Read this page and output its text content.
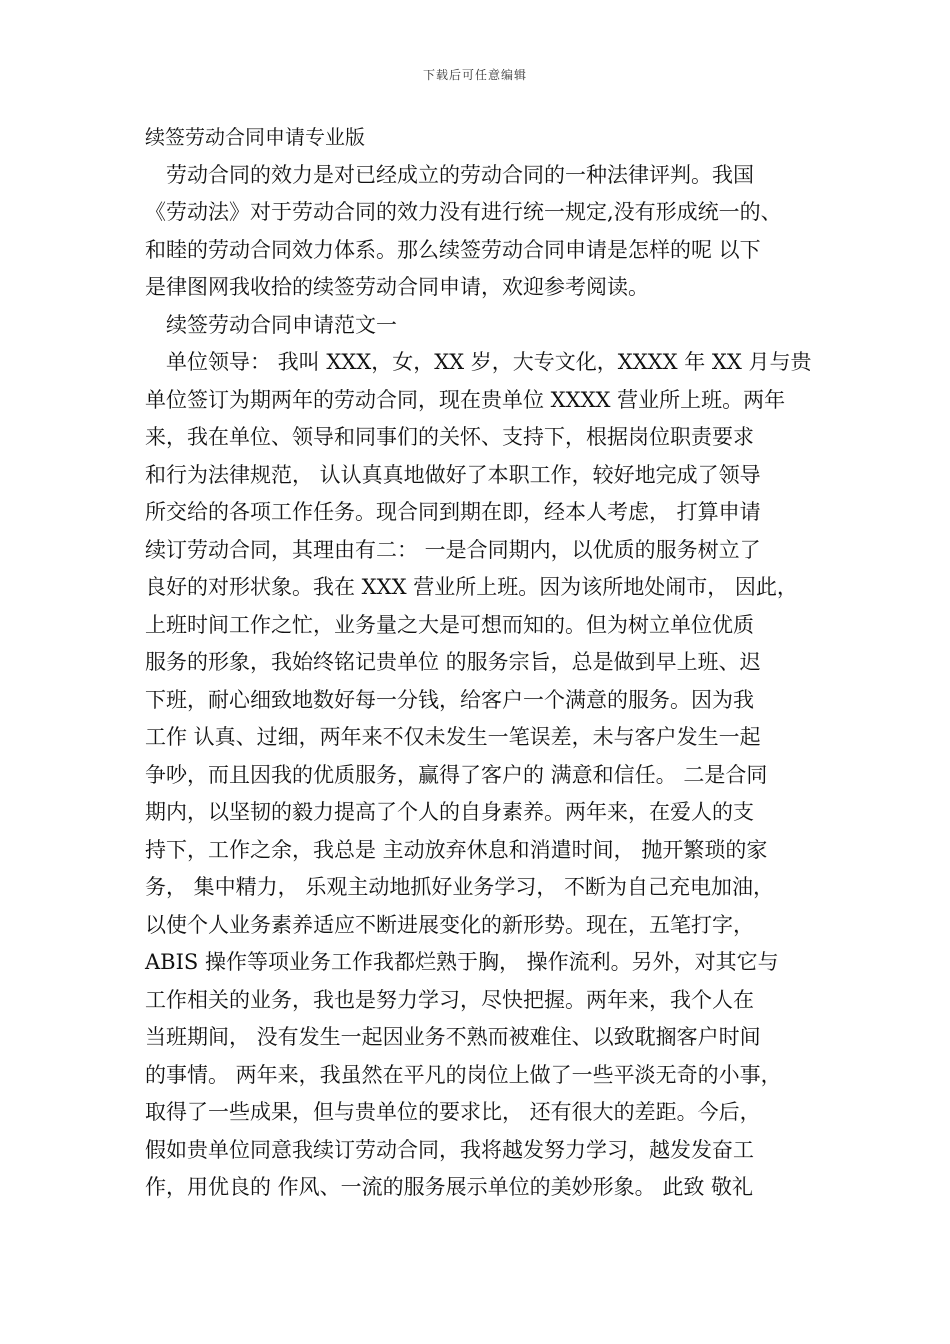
下载后可任意编辑
续签劳动合同申请专业版
劳动合同的效力是对已经成立的劳动合同的一种法律评判。我国
《劳动法》对于劳动合同的效力没有进行统一规定,没有形成统一的、
和睦的劳动合同效力体系。那么续签劳动合同申请是怎样的呢 以下
是律图网我收拾的续签劳动合同申请，欢迎参考阅读。
续签劳动合同申请范文一
单位领导： 我叫 XXX，女，XX 岁，大专文化，XXXX 年 XX 月与贵
单位签订为期两年的劳动合同，现在贵单位 XXXX 营业所上班。两年
来，我在单位、领导和同事们的关怀、支持下，根据岗位职责要求
和行为法律规范， 认认真真地做好了本职工作，较好地完成了领导
所交给的各项工作任务。现合同到期在即，经本人考虑， 打算申请
续订劳动合同，其理由有二： 一是合同期内，以优质的服务树立了
良好的对形状象。我在 XXX 营业所上班。因为该所地处闹市， 因此，
上班时间工作之忙，业务量之大是可想而知的。但为树立单位优质
服务的形象，我始终铭记贵单位 的服务宗旨，总是做到早上班、迟
下班，耐心细致地数好每一分钱，给客户一个满意的服务。因为我
工作 认真、过细，两年来不仅未发生一笔误差，未与客户发生一起
争吵，而且因我的优质服务，赢得了客户的 满意和信任。 二是合同
期内，以坚韧的毅力提高了个人的自身素养。两年来，在爱人的支
持下，工作之余，我总是 主动放弃休息和消遣时间， 抛开繁琐的家
务， 集中精力， 乐观主动地抓好业务学习， 不断为自己充电加油，
以使个人业务素养适应不断进展变化的新形势。现在，五笔打字，
ABIS 操作等项业务工作我都烂熟于胸， 操作流利。另外，对其它与
工作相关的业务，我也是努力学习，尽快把握。两年来，我个人在
当班期间， 没有发生一起因业务不熟而被难住、以致耽搁客户时间
的事情。 两年来，我虽然在平凡的岗位上做了一些平淡无奇的小事，
取得了一些成果，但与贵单位的要求比， 还有很大的差距。今后，
假如贵单位同意我续订劳动合同，我将越发努力学习，越发发奋工
作，用优良的 作风、一流的服务展示单位的美妙形象。 此致 敬礼
